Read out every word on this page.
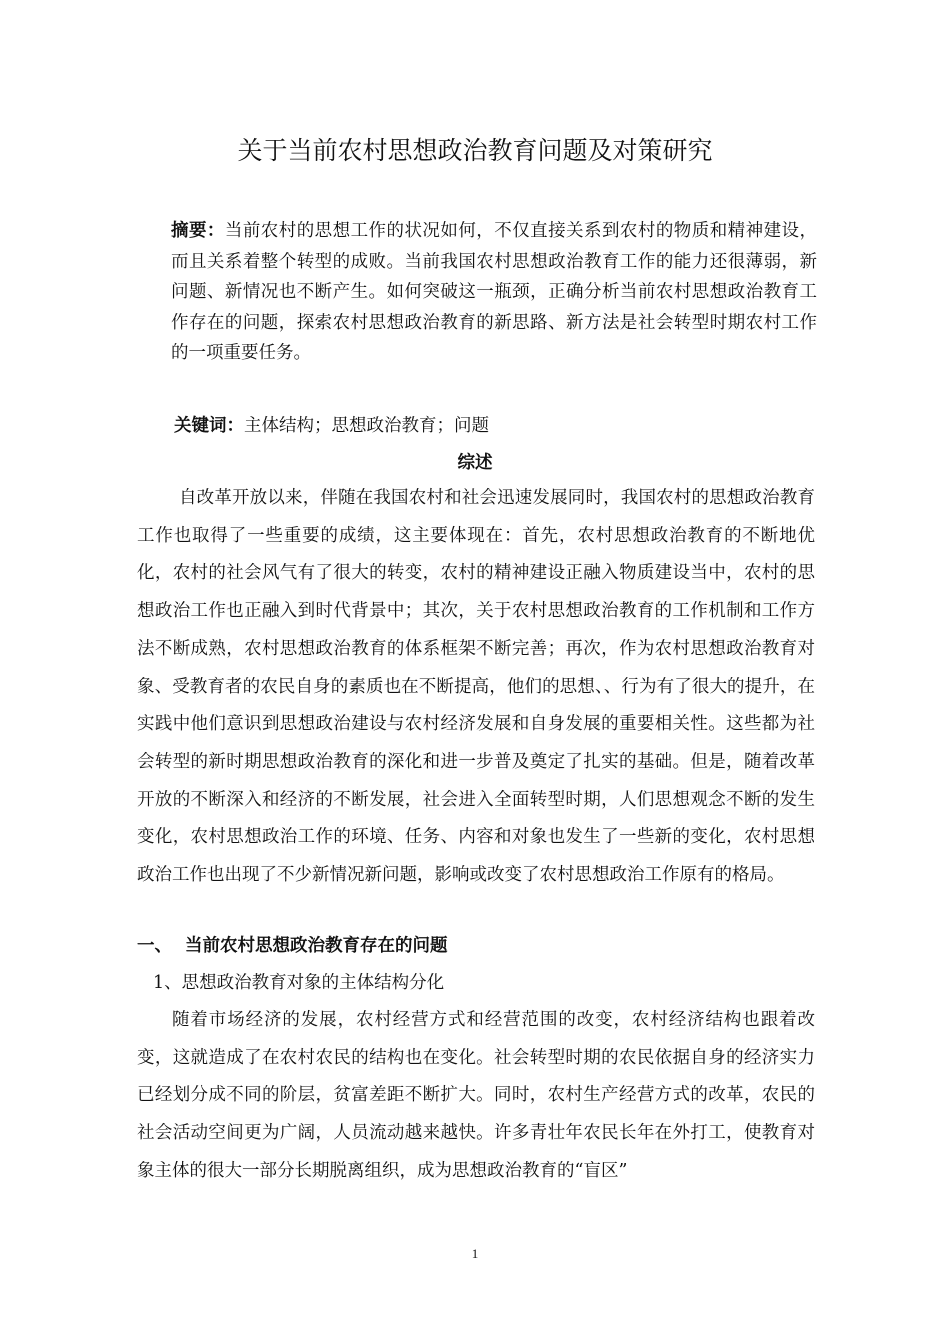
关于当前农村思想政治教育问题及对策研究
摘要：当前农村的思想工作的状况如何，不仅直接关系到农村的物质和精神建设，而且关系着整个转型的成败。当前我国农村思想政治教育工作的能力还很薄弱，新问题、新情况也不断产生。如何突破这一瓶颈，正确分析当前农村思想政治教育工作存在的问题，探索农村思想政治教育的新思路、新方法是社会转型时期农村工作的一项重要任务。
关键词：主体结构；思想政治教育；问题
综述

自改革开放以来，伴随在我国农村和社会迅速发展同时，我国农村的思想政治教育工作也取得了一些重要的成绩，这主要体现在：首先，农村思想政治教育的不断地优化，农村的社会风气有了很大的转变，农村的精神建设正融入物质建设当中，农村的思想政治工作也正融入到时代背景中；其次，关于农村思想政治教育的工作机制和工作方法不断成熟，农村思想政治教育的体系框架不断完善；再次，作为农村思想政治教育对象、受教育者的农民自身的素质也在不断提高，他们的思想、、行为有了很大的提升，在实践中他们意识到思想政治建设与农村经济发展和自身发展的重要相关性。这些都为社会转型的新时期思想政治教育的深化和进一步普及奠定了扎实的基础。但是，随着改革开放的不断深入和经济的不断发展，社会进入全面转型时期，人们思想观念不断的发生变化，农村思想政治工作的环境、任务、内容和对象也发生了一些新的变化，农村思想政治工作也出现了不少新情况新问题，影响或改变了农村思想政治工作原有的格局。

一、 当前农村思想政治教育存在的问题
1、思想政治教育对象的主体结构分化

随着市场经济的发展，农村经营方式和经营范围的改变，农村经济结构也跟着改变，这就造成了在农村农民的结构也在变化。社会转型时期的农民依据自身的经济实力已经划分成不同的阶层，贫富差距不断扩大。同时，农村生产经营方式的改革，农民的社会活动空间更为广阔，人员流动越来越快。许多青壮年农民长年在外打工，使教育对象主体的很大一部分长期脱离组织，成为思想政治教育的“盲区”

1
